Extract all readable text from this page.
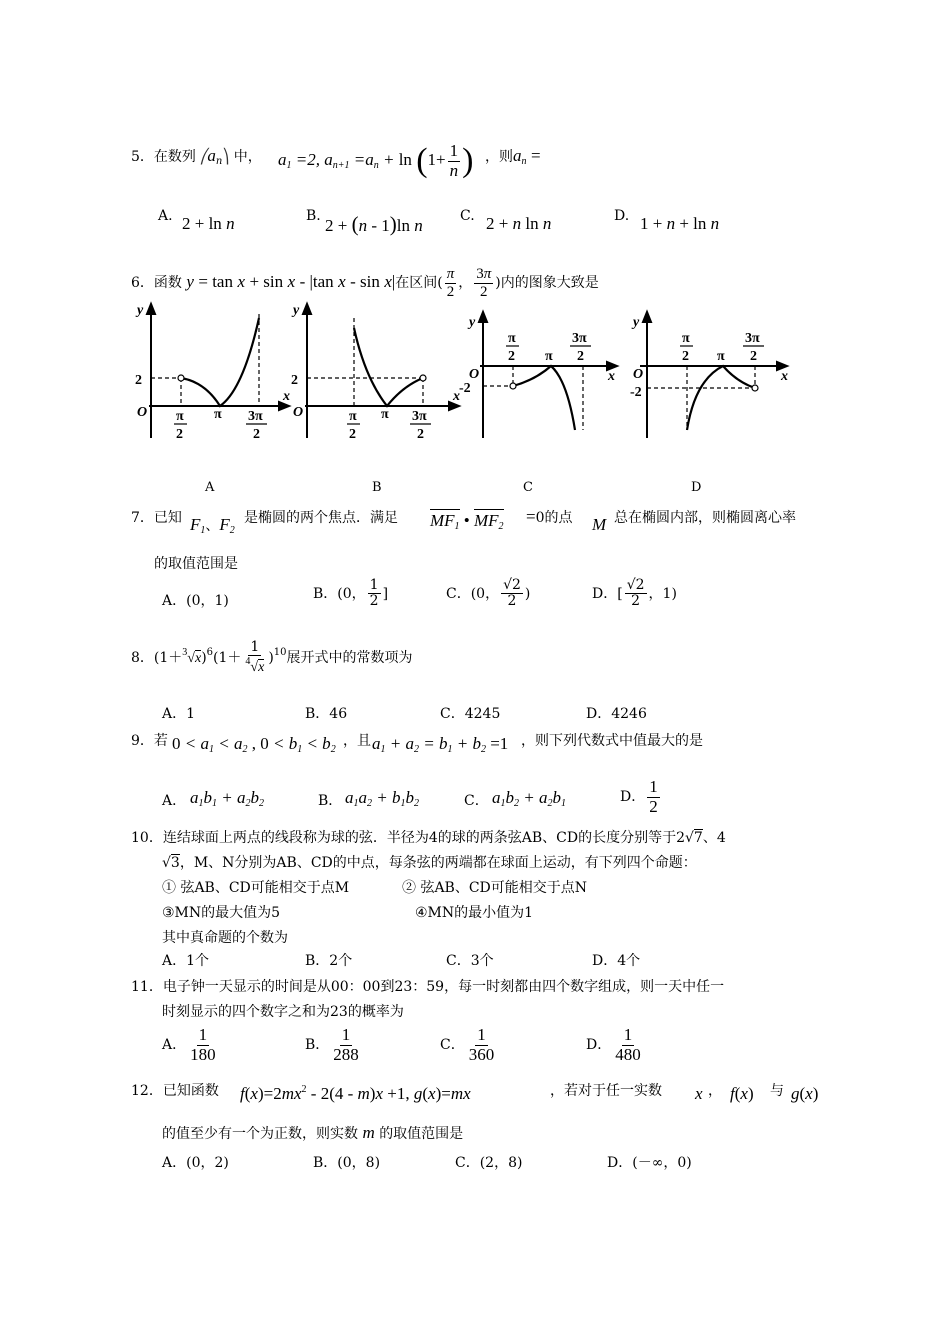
5．在数列 $⎛a_n⎞$ 中， $a_1 =2$, $a_{n+1} =a_n + \ln (1+ \frac{1}{n}$ ) ，则$a_n$ =
A. 2 + ln n	B. 2 + (n - 1)ln n	C. 2 + n ln n	D. 1 + n + ln n
6．函数 y = tan x + sin x - |tan x - sin x|在区间( $\frac{\pi}{2}$ ， $\frac{3\pi}{2}$ )内的图象大致是
y
x
O
2
π
2
π 3π
2
y
x
O
2
π
2
π 3π
2
y
x
O
-2
π
2 π
3π
2
y
x
O
-2
π
2 π
3π
2
A	B	C	D
7．已知 $F_1$、$F_2$
是椭圆的两个焦点．满足 $MF_1$ • $MF_2$
=0的点 M 总在椭圆内部，则椭圆离心率
的取值范围是
A．(0，1)	B．(0， $\frac{1}{2}$ ]	C．(0， $\frac{√2}{2}$ )	D．[ $\frac{√2}{2}$ ，1)
8．$(1+^3√x)^6(1+ \frac{1}{^4√x} )^{10}$展开式中的常数项为
A．1	B．46	C．4245	D．4246
9．若 $0 < a_1 < a_2$ , $0 < b_1 < b_2$
，且 $a_1 + a_2 = b_1 + b_2 =1$ ，则下列代数式中值最大的是
A． $a_1b_1 + a_2b_2$	B． $a_1a_2 + b_1b_2$	C． $a_1b_2 + a_2b_1$	D． $\frac{1}{2}$
10．连结球面上两点的线段称为球的弦．半径为4的球的两条弦AB、CD的长度分别等于2√7、4
√3，M、N分别为AB、CD的中点，每条弦的两端都在球面上运动，有下列四个命题：
① 弦AB、CD可能相交于点M	② 弦AB、CD可能相交于点N
③MN的最大值为5	④MN的最小值为1
其中真命题的个数为
A．1个	B．2个	C．3个	D．4个
11．电子钟一天显示的时间是从00：00到23：59，每一时刻都由四个数字组成，则一天中任一
时刻显示的四个数字之和为23的概率为
A． $\frac{1}{180}$	B． $\frac{1}{288}$	C． $\frac{1}{360}$	D． $\frac{1}{480}$
12．已知函数 $f(x)=2mx^2 - 2(4 - m)x +1$, g(x)=mx	，若对于任一实数 x ， f(x) 与 g(x)
的值至少有一个为正数，则实数 m 的取值范围是
A．(0，2)	B．(0，8)	C．(2，8)	D．(－∞，0)
